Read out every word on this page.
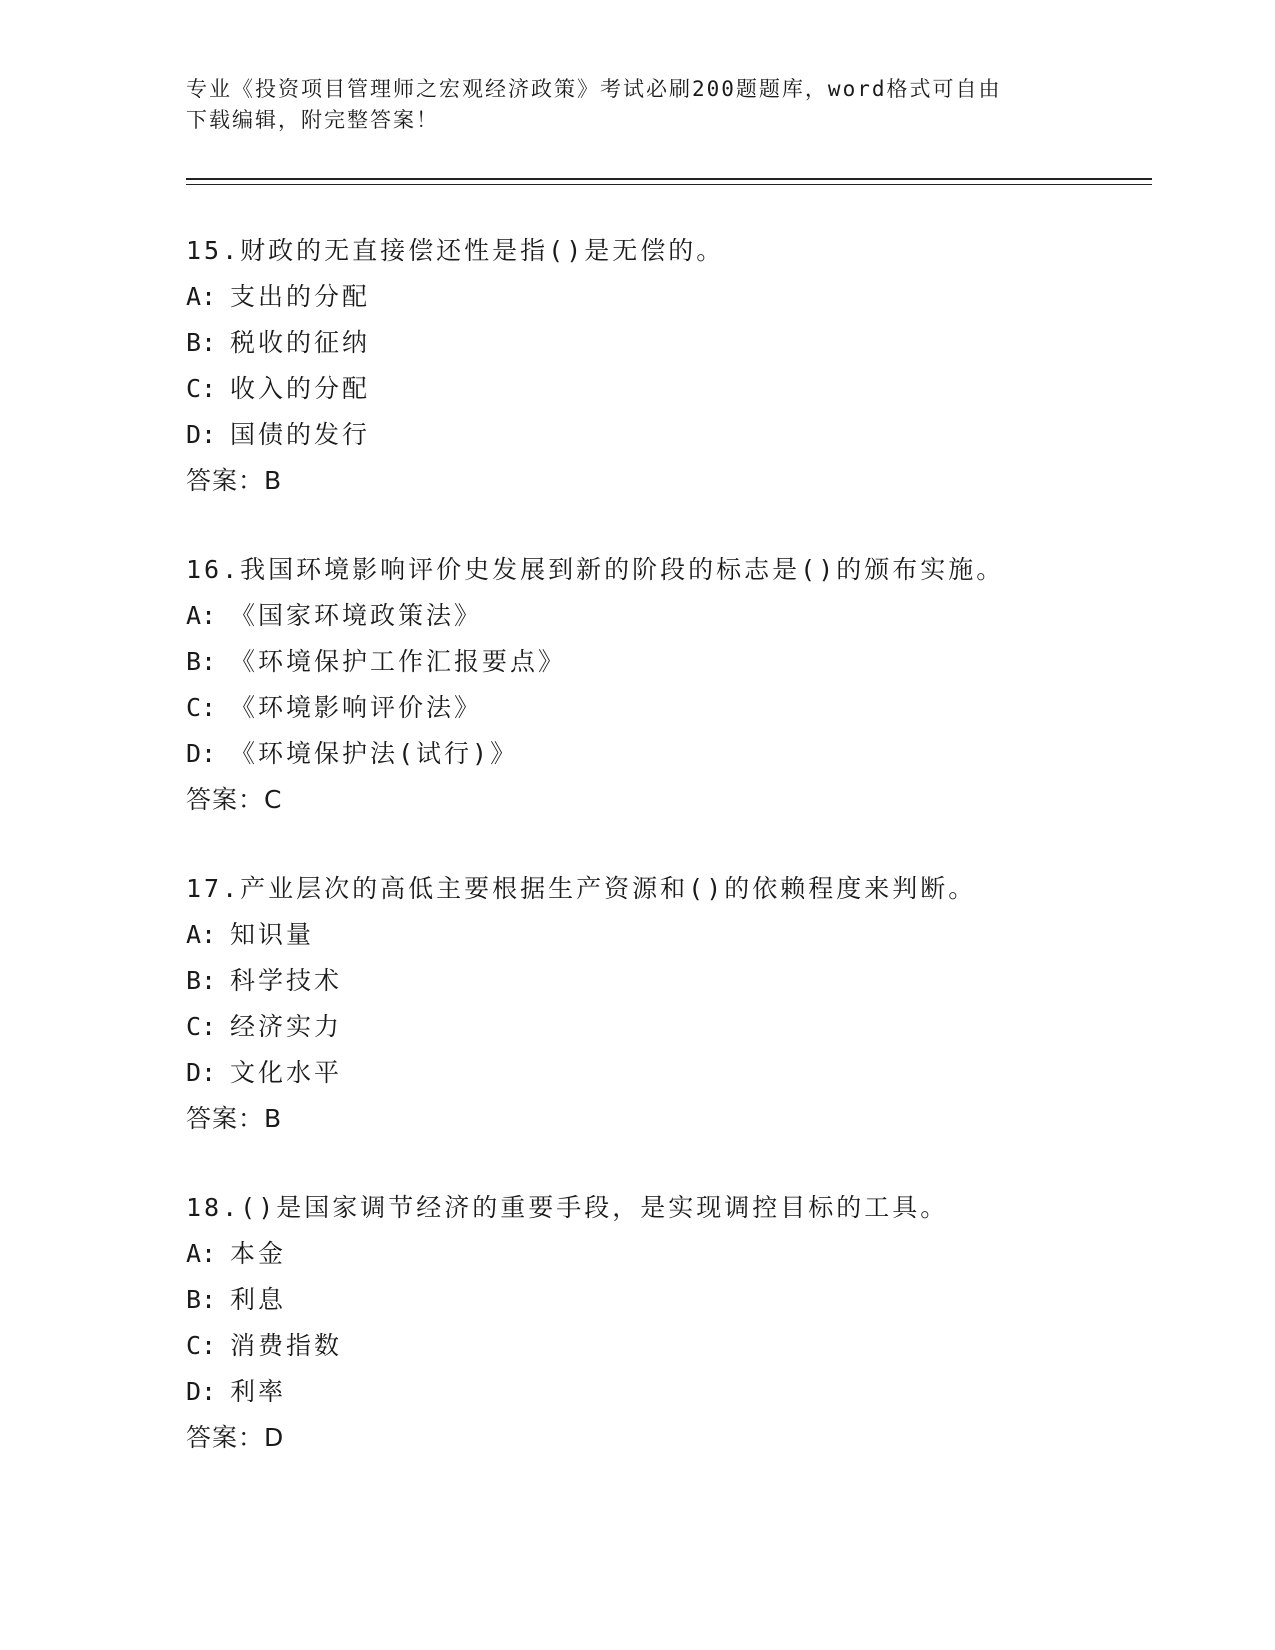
专业《投资项目管理师之宏观经济政策》考试必刷200题题库，word格式可自由
下载编辑，附完整答案！
15.财政的无直接偿还性是指()是无偿的。
A: 支出的分配
B: 税收的征纳
C: 收入的分配
D: 国债的发行
答案：B
16.我国环境影响评价史发展到新的阶段的标志是()的颁布实施。
A: 《国家环境政策法》
B: 《环境保护工作汇报要点》
C: 《环境影响评价法》
D: 《环境保护法(试行)》
答案：C
17.产业层次的高低主要根据生产资源和()的依赖程度来判断。
A: 知识量
B: 科学技术
C: 经济实力
D: 文化水平
答案：B
18.()是国家调节经济的重要手段，是实现调控目标的工具。
A: 本金
B: 利息
C: 消费指数
D: 利率
答案：D
